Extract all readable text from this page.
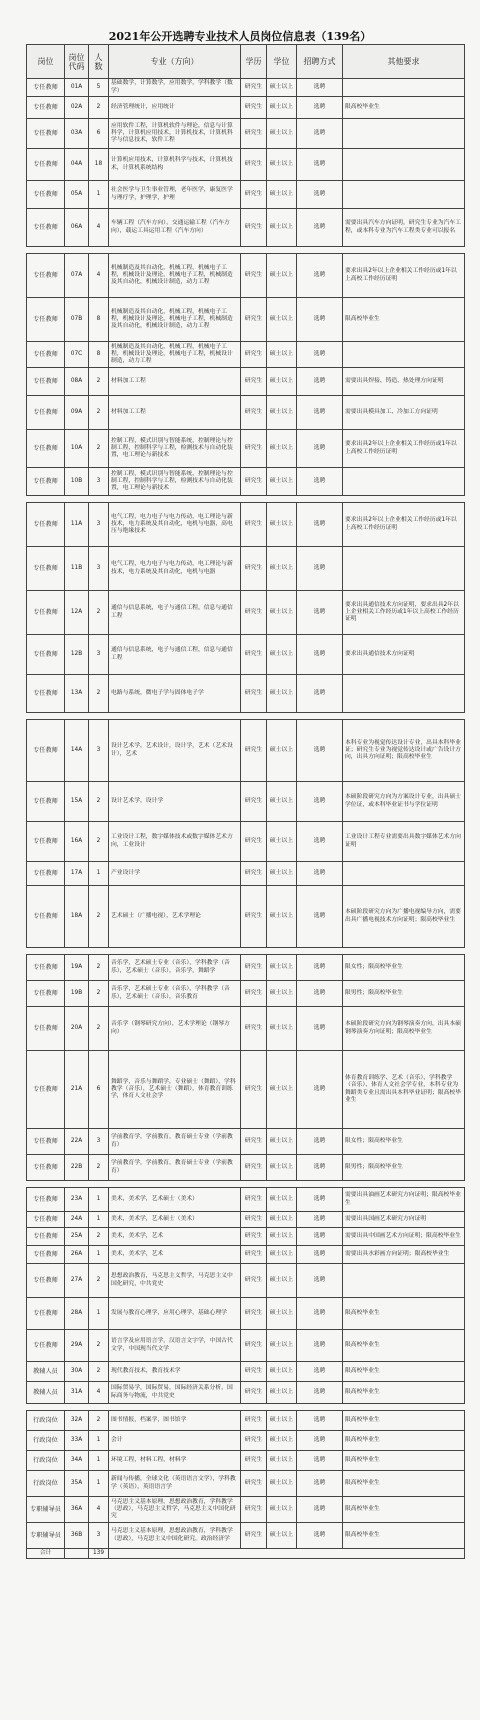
2021年公开选聘专业技术人员岗位信息表（139名）
岗位	岗位代码	人数	专业（方向）	学历	学位	招聘方式	其他要求
专任教师	01A	5	基础数学，计算数学，应用数学，学科教学（数学）	研究生	硕士以上	选聘	
专任教师	02A	2	经济管理统计，应用统计	研究生	硕士以上	选聘	限高校毕业生
专任教师	03A	6	应用软件工程，计算机软件与理论，信息与计算科学，计算机应用技术，计算机技术，计算机科学与信息技术，软件工程	研究生	硕士以上	选聘	
专任教师	04A	18	计算机应用技术，计算机科学与技术，计算机技术，计算机系统结构	研究生	硕士以上	选聘	
专任教师	05A	1	社会医学与卫生事业管理，老年医学，康复医学与理疗学，护理学，护理	研究生	硕士以上	选聘	
专任教师	06A	4	车辆工程（汽车方向），交通运输工程（汽车方向），载运工具运用工程（汽车方向）	研究生	硕士以上	选聘	需要出具汽车方向证明，研究生专业为汽车工程，或本科专业为汽车工程类专业可以报名

专任教师	07A	4	机械制造及其自动化，机械工程，机械电子工程，机械设计及理论，机械电子工程，机械制造及其自动化，机械设计制造，动力工程	研究生	硕士以上	选聘	要求出具2年以上企业相关工作经历或1年以上高校工作经历证明
专任教师	07B	8	机械制造及其自动化，机械工程，机械电子工程，机械设计及理论，机械电子工程，机械制造及其自动化，机械设计制造，动力工程	研究生	硕士以上	选聘	限高校毕业生
专任教师	07C	8	机械制造及其自动化，机械工程，机械电子工程，机械设计及理论，机械电子工程，机械设计制造，动力工程	研究生	硕士以上	选聘	
专任教师	08A	2	材料加工工程	研究生	硕士以上	选聘	需要出具焊接、铸造、热处理方向证明
专任教师	09A	2	材料加工工程	研究生	硕士以上	选聘	需要出具模具加工、冷加工方向证明
专任教师	10A	2	控制工程，模式识别与智能系统，控制理论与控制工程，控制科学与工程，检测技术与自动化装置，电工理论与新技术	研究生	硕士以上	选聘	要求出具2年以上企业相关工作经历或1年以上高校工作经历证明
专任教师	10B	3	控制工程，模式识别与智能系统，控制理论与控制工程，控制科学与工程，检测技术与自动化装置，电工理论与新技术	研究生	硕士以上	选聘	

专任教师	11A	3	电气工程，电力电子与电力传动，电工理论与新技术，电力系统及其自动化，电机与电器，高电压与绝缘技术	研究生	硕士以上	选聘	要求出具2年以上企业相关工作经历或1年以上高校工作经历证明
专任教师	11B	3	电气工程，电力电子与电力传动，电工理论与新技术，电力系统及其自动化，电机与电器	研究生	硕士以上	选聘	
专任教师	12A	2	通信与信息系统，电子与通信工程，信息与通信工程	研究生	硕士以上	选聘	要求出具通信技术方向证明，要求出具2年以上企业相关工作经历或1年以上高校工作经历证明
专任教师	12B	3	通信与信息系统，电子与通信工程，信息与通信工程	研究生	硕士以上	选聘	要求出具通信技术方向证明
专任教师	13A	2	电路与系统，微电子学与固体电子学	研究生	硕士以上	选聘	

专任教师	14A	3	设计艺术学，艺术设计，设计学，艺术（艺术设计），艺术	研究生	硕士以上	选聘	本科专业为视觉传达设计专业，出具本科毕业证；研究生专业为视觉传达设计或广告设计方向，出具方向证明；限高校毕业生
专任教师	15A	2	设计艺术学，设计学	研究生	硕士以上	选聘	本硕阶段研究方向为方案设计专业，出具硕士学位证，或本科毕业证书与学位证明
专任教师	16A	2	工业设计工程，数字媒体技术或数字媒体艺术方向，工业设计	研究生	硕士以上	选聘	工业设计工程专业需要出具数字媒体艺术方向证明
专任教师	17A	1	产业设计学	研究生	硕士以上	选聘	
专任教师	18A	2	艺术硕士（广播电视），艺术学理论	研究生	硕士以上	选聘	本硕阶段研究方向为广播电视编导方向，需要出具广播电视技术方向证明；限高校毕业生

专任教师	19A	2	音乐学，艺术硕士专业（音乐），学科教学（音乐），艺术硕士（音乐），音乐学，舞蹈学	研究生	硕士以上	选聘	限女性；限高校毕业生
专任教师	19B	2	音乐学，艺术硕士专业（音乐），学科教学（音乐），艺术硕士（音乐），音乐教育	研究生	硕士以上	选聘	限男性；限高校毕业生
专任教师	20A	2	音乐学（钢琴研究方向），艺术学理论（钢琴方向）	研究生	硕士以上	选聘	本硕阶段研究方向为钢琴演奏方向，出具本硕钢琴演奏方向证明；限高校毕业生
专任教师	21A	6	舞蹈学，音乐与舞蹈学，专业硕士（舞蹈），学科教学（音乐），艺术硕士（舞蹈），体育教育训练学，体育人文社会学	研究生	硕士以上	选聘	体育教育训练学、艺术（音乐）、学科教学（音乐）、体育人文社会学专业，本科专业为舞蹈类专业且需出具本科毕业证明；限高校毕业生
专任教师	22A	3	学前教育学，学前教育，教育硕士专业（学前教育）	研究生	硕士以上	选聘	限女性；限高校毕业生
专任教师	22B	2	学前教育学，学前教育，教育硕士专业（学前教育）	研究生	硕士以上	选聘	限男性；限高校毕业生

专任教师	23A	1	美术，美术学，艺术硕士（美术）	研究生	硕士以上	选聘	需要出具油画艺术研究方向证明；限高校毕业生
专任教师	24A	1	美术，美术学，艺术硕士（美术）	研究生	硕士以上	选聘	需要出具国画艺术研究方向证明
专任教师	25A	2	美术，美术学，艺术	研究生	硕士以上	选聘	需要出具中国画艺术方向证明；限高校毕业生
专任教师	26A	1	美术，美术学，艺术	研究生	硕士以上	选聘	需要出具水彩画方向证明；限高校毕业生
专任教师	27A	2	思想政治教育，马克思主义哲学，马克思主义中国化研究，中共党史	研究生	硕士以上	选聘	
专任教师	28A	1	发展与教育心理学，应用心理学，基础心理学	研究生	硕士以上	选聘	限高校毕业生
专任教师	29A	2	语言学及应用语言学，汉语言文字学，中国古代文学，中国现当代文学	研究生	硕士以上	选聘	限高校毕业生
教辅人员	30A	2	现代教育技术，教育技术学	研究生	硕士以上	选聘	限高校毕业生
教辅人员	31A	4	国际贸易学，国际贸易，国际经济关系分析，国际商务与物流，中共党史	研究生	硕士以上	选聘	限高校毕业生

行政岗位	32A	2	图书情报，档案学，图书馆学	研究生	硕士以上	选聘	限高校毕业生
行政岗位	33A	1	会计	研究生	硕士以上	选聘	限高校毕业生
行政岗位	34A	1	环境工程，材料工程，材料学	研究生	硕士以上	选聘	限高校毕业生
行政岗位	35A	1	新闻与传播，全球文化（英语语言文学），学科教学（英语），英语语言学	研究生	硕士以上	选聘	限高校毕业生
专职辅导员	36A	4	马克思主义基本原理，思想政治教育，学科教学（思政），马克思主义哲学，马克思主义中国化研究	研究生	硕士以上	选聘	限高校毕业生
专职辅导员	36B	3	马克思主义基本原理，思想政治教育，学科教学（思政），马克思主义中国化研究，政治经济学	研究生	硕士以上	选聘	限高校毕业生
合计		139					
